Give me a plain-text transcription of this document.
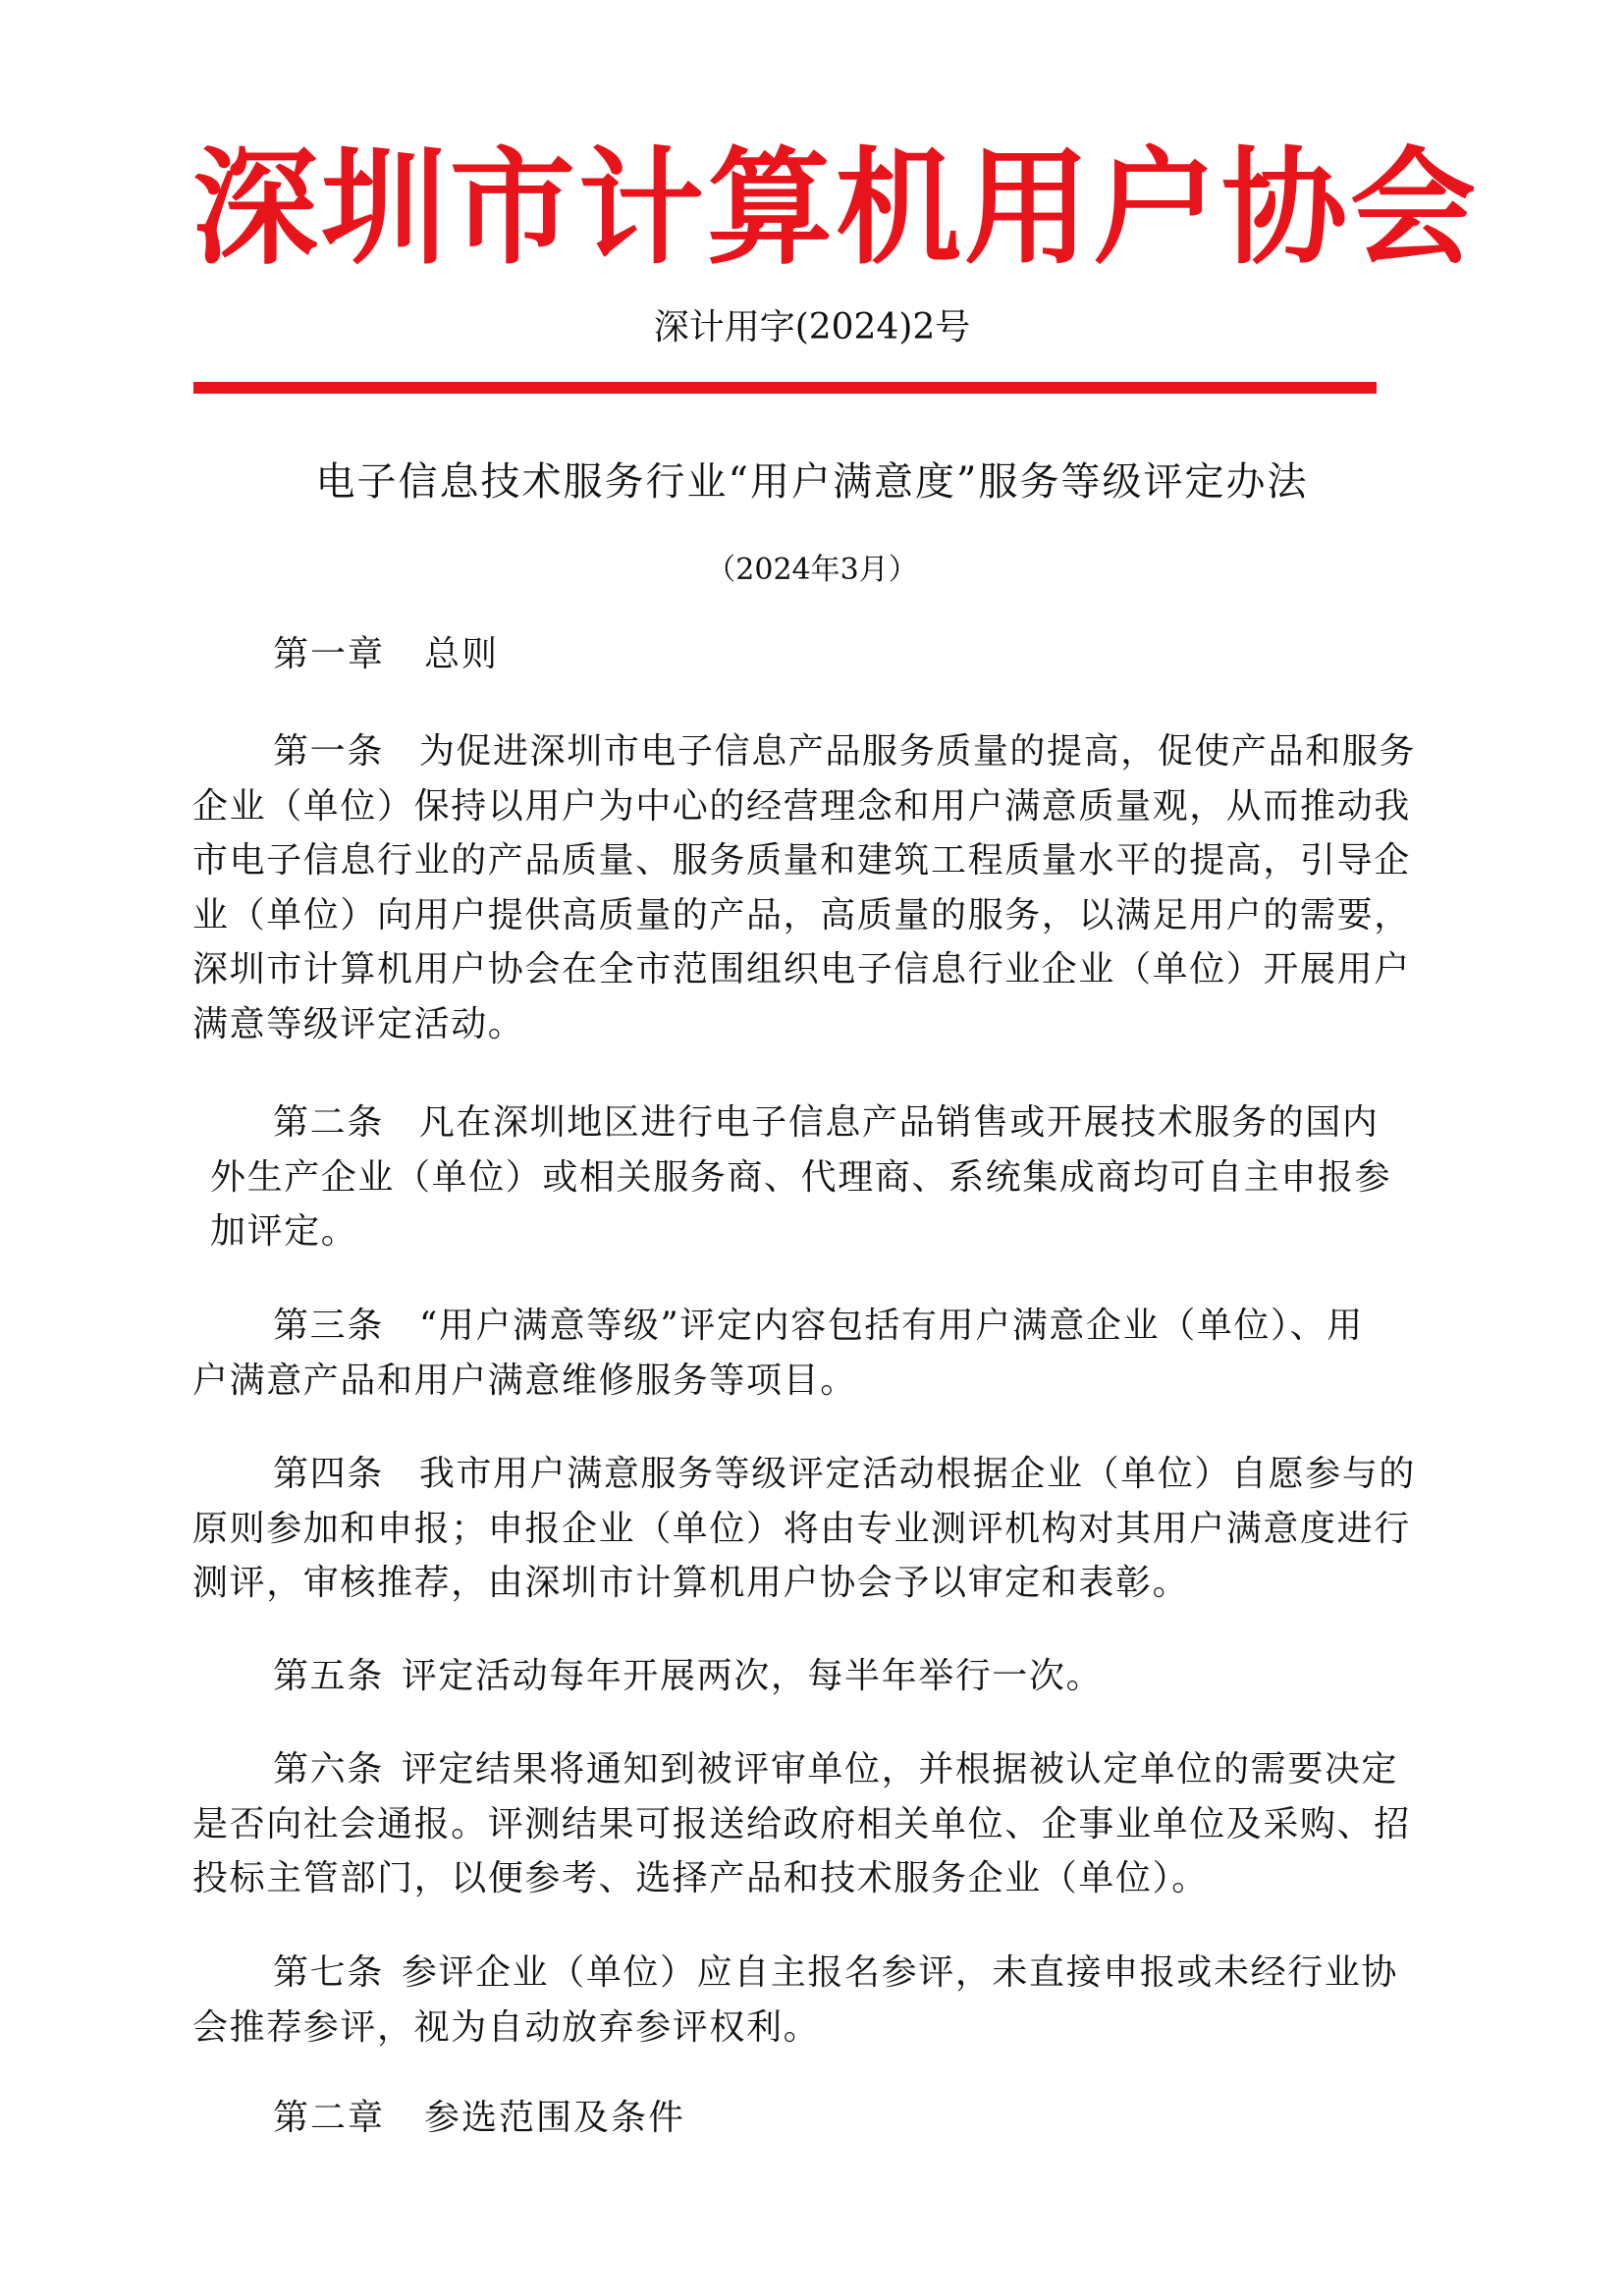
深圳市计算机用户协会
深计用字(2024)2号
电子信息技术服务行业“用户满意度”服务等级评定办法
（2024年3月）
第一章 总则
第一条 为促进深圳市电子信息产品服务质量的提高，促使产品和服务
企业（单位）保持以用户为中心的经营理念和用户满意质量观，从而推动我
市电子信息行业的产品质量、服务质量和建筑工程质量水平的提高，引导企
业（单位）向用户提供高质量的产品，高质量的服务，以满足用户的需要，
深圳市计算机用户协会在全市范围组织电子信息行业企业（单位）开展用户
满意等级评定活动。
第二条 凡在深圳地区进行电子信息产品销售或开展技术服务的国内
外生产企业（单位）或相关服务商、代理商、系统集成商均可自主申报参
加评定。
第三条 “用户满意等级”评定内容包括有用户满意企业（单位）、用
户满意产品和用户满意维修服务等项目。
第四条 我市用户满意服务等级评定活动根据企业（单位）自愿参与的
原则参加和申报；申报企业（单位）将由专业测评机构对其用户满意度进行
测评，审核推荐，由深圳市计算机用户协会予以审定和表彰。
第五条 评定活动每年开展两次，每半年举行一次。
第六条 评定结果将通知到被评审单位，并根据被认定单位的需要决定
是否向社会通报。评测结果可报送给政府相关单位、企事业单位及采购、招
投标主管部门，以便参考、选择产品和技术服务企业（单位）。
第七条 参评企业（单位）应自主报名参评，未直接申报或未经行业协
会推荐参评，视为自动放弃参评权利。
第二章 参选范围及条件
